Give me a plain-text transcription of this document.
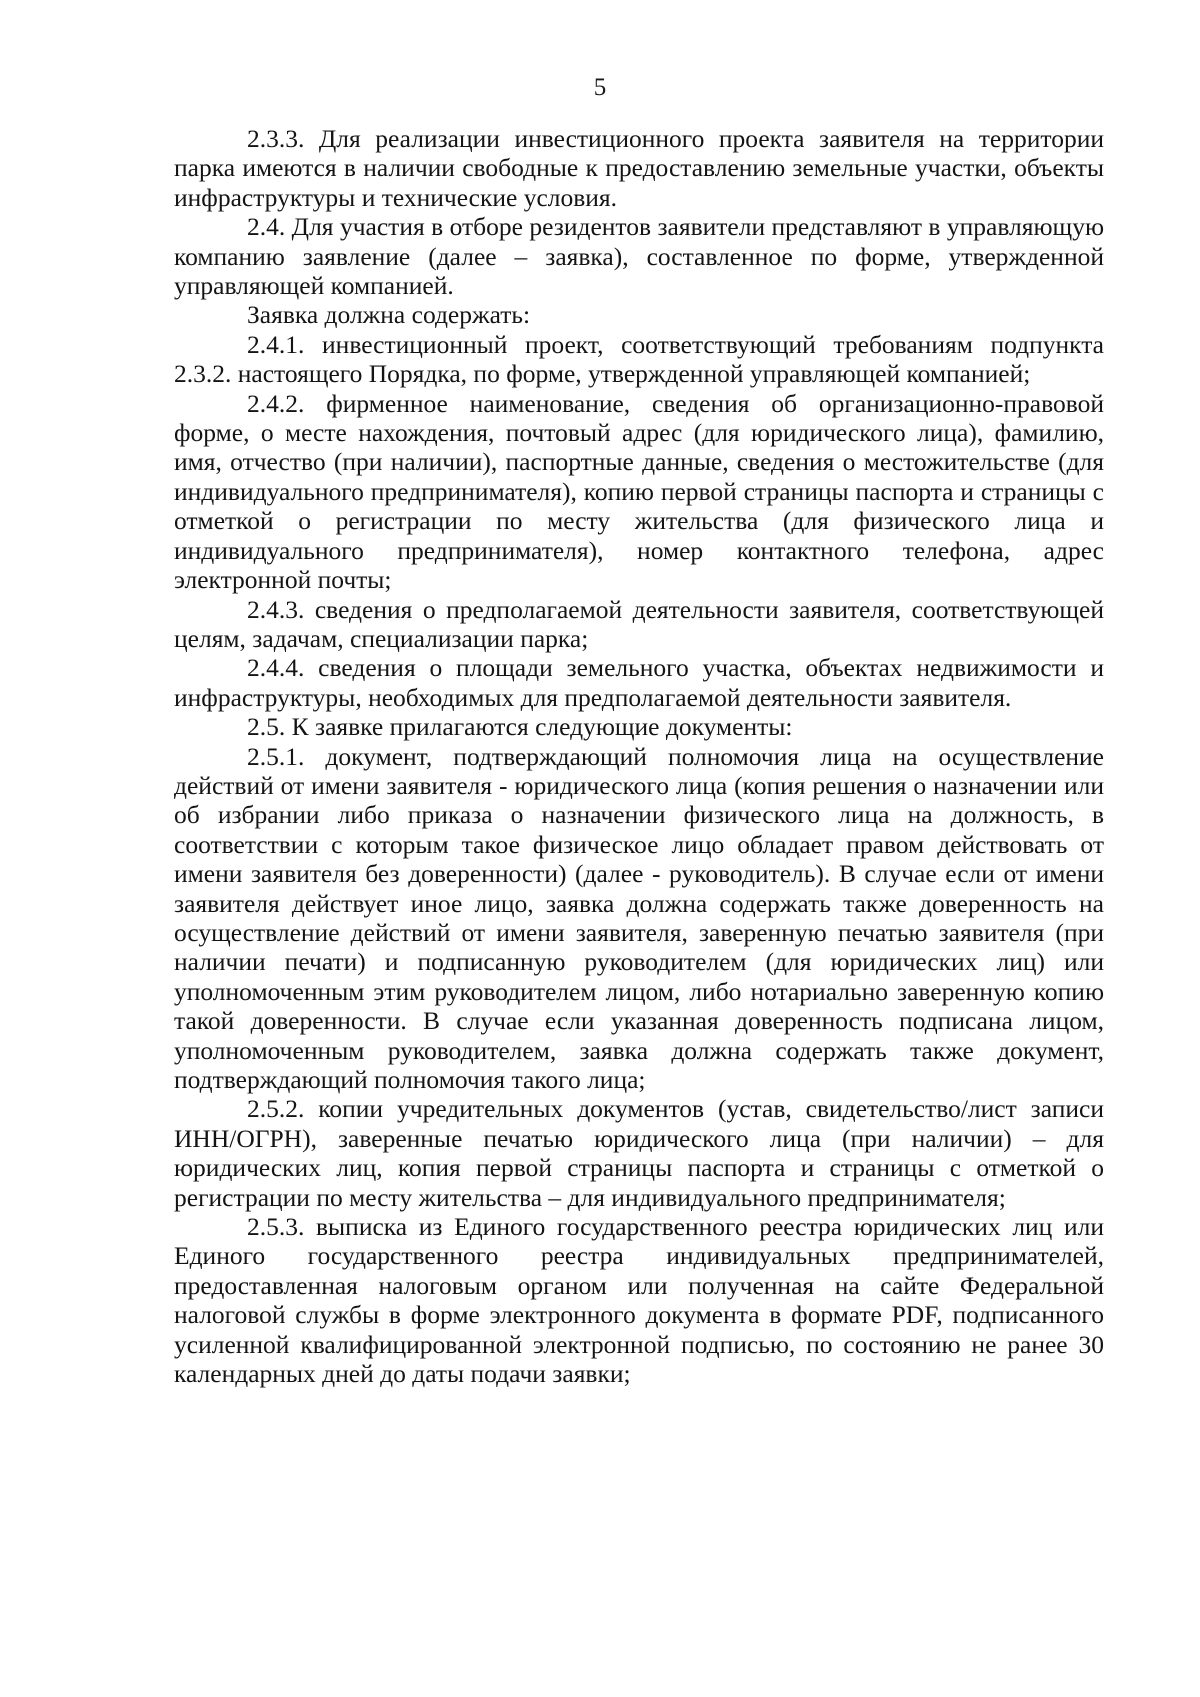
5

2.3.3. Для реализации инвестиционного проекта заявителя на территории парка имеются в наличии свободные к предоставлению земельные участки, объекты инфраструктуры и технические условия.

2.4. Для участия в отборе резидентов заявители представляют в управляющую компанию заявление (далее – заявка), составленное по форме, утвержденной управляющей компанией.

Заявка должна содержать:

2.4.1. инвестиционный проект, соответствующий требованиям подпункта 2.3.2. настоящего Порядка, по форме, утвержденной управляющей компанией;

2.4.2. фирменное наименование, сведения об организационно-правовой форме, о месте нахождения, почтовый адрес (для юридического лица), фамилию, имя, отчество (при наличии), паспортные данные, сведения о местожительстве (для индивидуального предпринимателя), копию первой страницы паспорта и страницы с отметкой о регистрации по месту жительства (для физического лица и индивидуального предпринимателя), номер контактного телефона, адрес электронной почты;

2.4.3. сведения о предполагаемой деятельности заявителя, соответствующей целям, задачам, специализации парка;

2.4.4. сведения о площади земельного участка, объектах недвижимости и инфраструктуры, необходимых для предполагаемой деятельности заявителя.

2.5. К заявке прилагаются следующие документы:

2.5.1. документ, подтверждающий полномочия лица на осуществление действий от имени заявителя - юридического лица (копия решения о назначении или об избрании либо приказа о назначении физического лица на должность, в соответствии с которым такое физическое лицо обладает правом действовать от имени заявителя без доверенности) (далее - руководитель). В случае если от имени заявителя действует иное лицо, заявка должна содержать также доверенность на осуществление действий от имени заявителя, заверенную печатью заявителя (при наличии печати) и подписанную руководителем (для юридических лиц) или уполномоченным этим руководителем лицом, либо нотариально заверенную копию такой доверенности. В случае если указанная доверенность подписана лицом, уполномоченным руководителем, заявка должна содержать также документ, подтверждающий полномочия такого лица;

2.5.2. копии учредительных документов (устав, свидетельство/лист записи ИНН/ОГРН), заверенные печатью юридического лица (при наличии) – для юридических лиц, копия первой страницы паспорта и страницы с отметкой о регистрации по месту жительства – для индивидуального предпринимателя;

2.5.3. выписка из Единого государственного реестра юридических лиц или Единого государственного реестра индивидуальных предпринимателей, предоставленная налоговым органом или полученная на сайте Федеральной налоговой службы в форме электронного документа в формате PDF, подписанного усиленной квалифицированной электронной подписью, по состоянию не ранее 30 календарных дней до даты подачи заявки;
